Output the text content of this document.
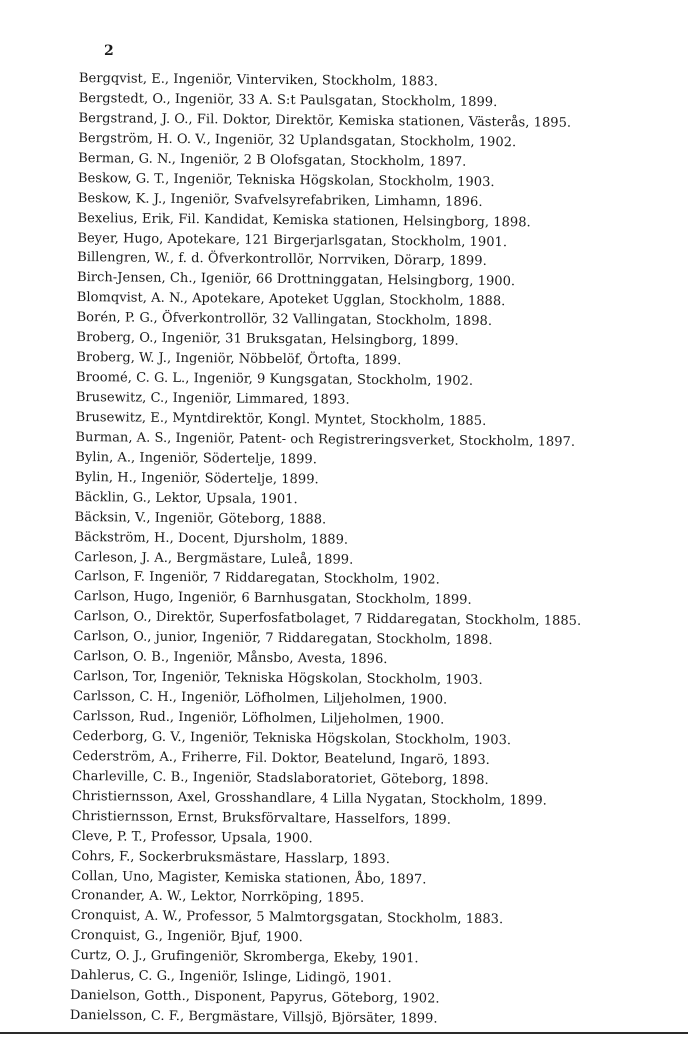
2
Bergqvist, E., Ingeniör, Vinterviken, Stockholm, 1883.
Bergstedt, O., Ingeniör, 33 A. S:t Paulsgatan, Stockholm, 1899.
Bergstrand, J. O., Fil. Doktor, Direktör, Kemiska stationen, Västerås, 1895.
Bergström, H. O. V., Ingeniör, 32 Uplandsgatan, Stockholm, 1902.
Berman, G. N., Ingeniör, 2 B Olofsgatan, Stockholm, 1897.
Beskow, G. T., Ingeniör, Tekniska Högskolan, Stockholm, 1903.
Beskow, K. J., Ingeniör, Svafvelsyrefabriken, Limhamn, 1896.
Bexelius, Erik, Fil. Kandidat, Kemiska stationen, Helsingborg, 1898.
Beyer, Hugo, Apotekare, 121 Birgerjarlsgatan, Stockholm, 1901.
Billengren, W., f. d. Öfverkontrollör, Norrviken, Dörarp, 1899.
Birch-Jensen, Ch., Igeniör, 66 Drottninggatan, Helsingborg, 1900.
Blomqvist, A. N., Apotekare, Apoteket Ugglan, Stockholm, 1888.
Borén, P. G., Öfverkontrollör, 32 Vallingatan, Stockholm, 1898.
Broberg, O., Ingeniör, 31 Bruksgatan, Helsingborg, 1899.
Broberg, W. J., Ingeniör, Nöbbelöf, Örtofta, 1899.
Broomé, C. G. L., Ingeniör, 9 Kungsgatan, Stockholm, 1902.
Brusewitz, C., Ingeniör, Limmared, 1893.
Brusewitz, E., Myntdirektör, Kongl. Myntet, Stockholm, 1885.
Burman, A. S., Ingeniör, Patent- och Registreringsverket, Stockholm, 1897.
Bylin, A., Ingeniör, Södertelje, 1899.
Bylin, H., Ingeniör, Södertelje, 1899.
Bäcklin, G., Lektor, Upsala, 1901.
Bäcksin, V., Ingeniör, Göteborg, 1888.
Bäckström, H., Docent, Djursholm, 1889.
Carleson, J. A., Bergmästare, Luleå, 1899.
Carlson, F. Ingeniör, 7 Riddaregatan, Stockholm, 1902.
Carlson, Hugo, Ingeniör, 6 Barnhusgatan, Stockholm, 1899.
Carlson, O., Direktör, Superfosfatbolaget, 7 Riddaregatan, Stockholm, 1885.
Carlson, O., junior, Ingeniör, 7 Riddaregatan, Stockholm, 1898.
Carlson, O. B., Ingeniör, Månsbo, Avesta, 1896.
Carlson, Tor, Ingeniör, Tekniska Högskolan, Stockholm, 1903.
Carlsson, C. H., Ingeniör, Löfholmen, Liljeholmen, 1900.
Carlsson, Rud., Ingeniör, Löfholmen, Liljeholmen, 1900.
Cederborg, G. V., Ingeniör, Tekniska Högskolan, Stockholm, 1903.
Cederström, A., Friherre, Fil. Doktor, Beatelund, Ingarö, 1893.
Charleville, C. B., Ingeniör, Stadslaboratoriet, Göteborg, 1898.
Christiernsson, Axel, Grosshandlare, 4 Lilla Nygatan, Stockholm, 1899.
Christiernsson, Ernst, Bruksförvaltare, Hasselfors, 1899.
Cleve, P. T., Professor, Upsala, 1900.
Cohrs, F., Sockerbruksmästare, Hasslarp, 1893.
Collan, Uno, Magister, Kemiska stationen, Åbo, 1897.
Cronander, A. W., Lektor, Norrköping, 1895.
Cronquist, A. W., Professor, 5 Malmtorgsgatan, Stockholm, 1883.
Cronquist, G., Ingeniör, Bjuf, 1900.
Curtz, O. J., Grufingeniör, Skromberga, Ekeby, 1901.
Dahlerus, C. G., Ingeniör, Islinge, Lidingö, 1901.
Danielson, Gotth., Disponent, Papyrus, Göteborg, 1902.
Danielsson, C. F., Bergmästare, Villsjö, Björsäter, 1899.
